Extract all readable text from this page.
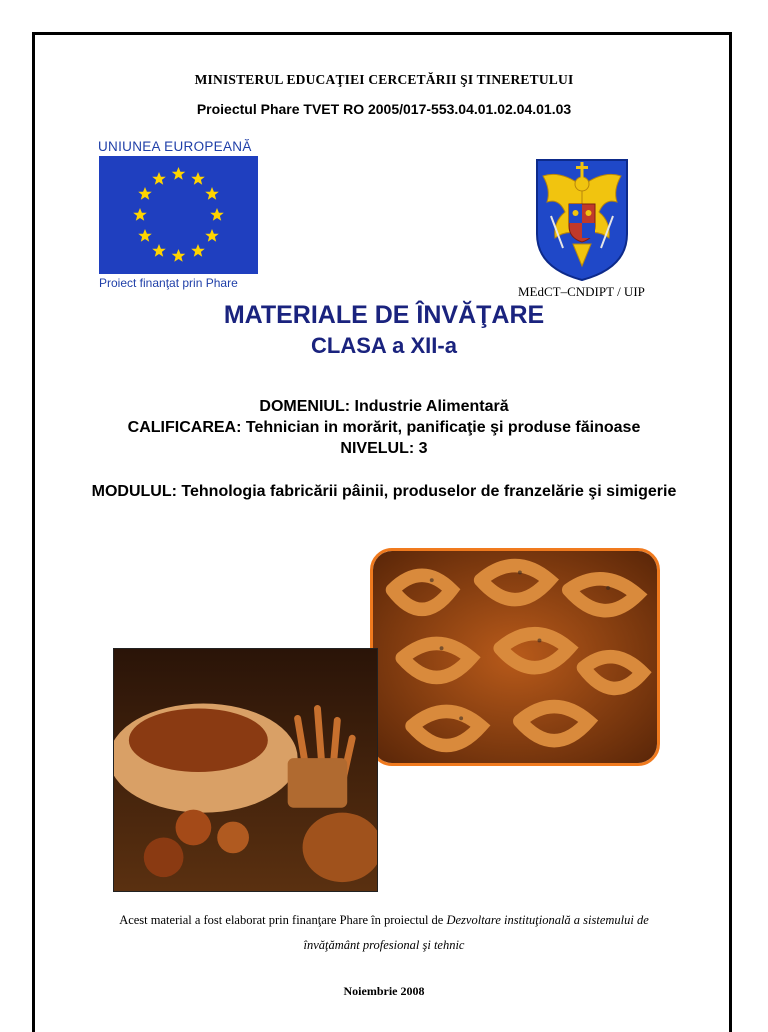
MINISTERUL EDUCAŢIEI CERCETĂRII ŞI TINERETULUI
Proiectul Phare TVET RO 2005/017-553.04.01.02.04.01.03
UNIUNEA EUROPEANĂ
Proiect finanţat prin Phare
MEdCT–CNDIPT / UIP
MATERIALE DE ÎNVĂŢARE
CLASA a XII-a
DOMENIUL: Industrie Alimentară
CALIFICAREA: Tehnician in morărit, panificaţie şi produse făinoase
NIVELUL: 3
MODULUL: Tehnologia fabricării pâinii, produselor de franzelărie şi simigerie
Acest material a fost elaborat prin finanţare Phare în proiectul de Dezvoltare instituţională a sistemului de
învăţământ profesional şi tehnic
Noiembrie 2008
